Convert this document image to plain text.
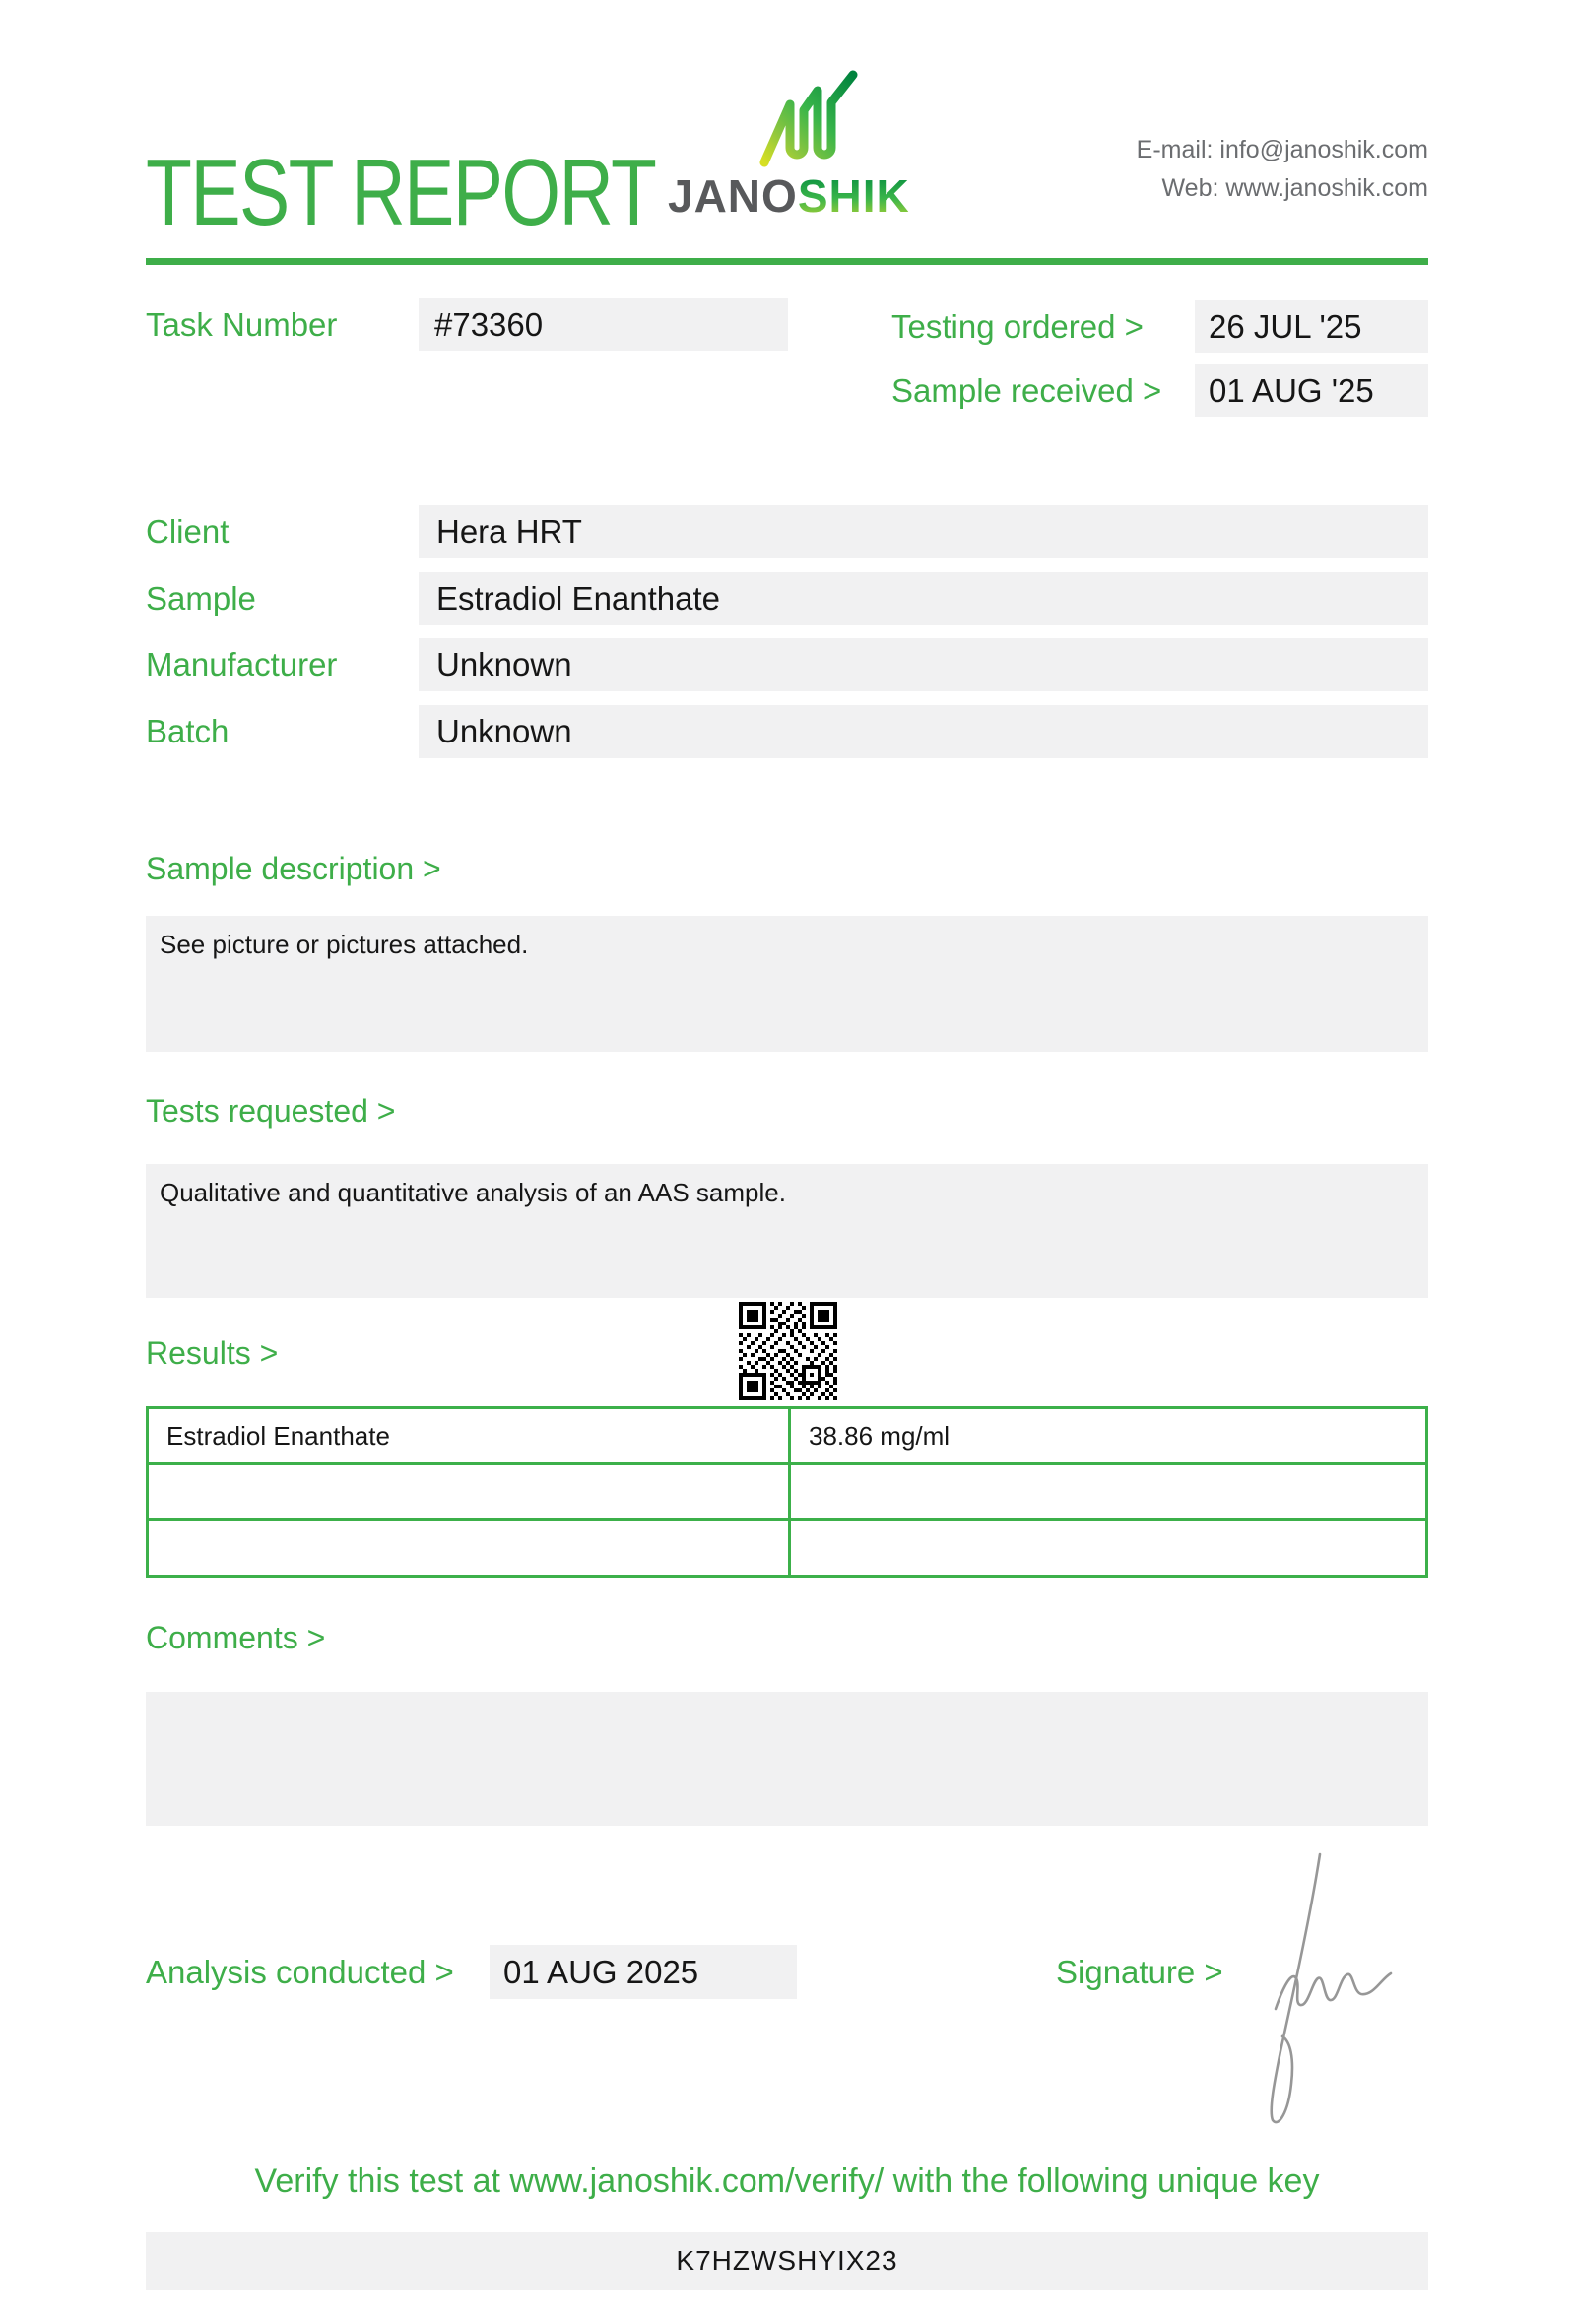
TEST REPORT JANOSHIK
E-mail: info@janoshik.com
Web: www.janoshik.com
Task Number	#73360	Testing ordered > 26 JUL '25
Sample received > 01 AUG '25
Client	Hera HRT
Sample	Estradiol Enanthate
Manufacturer	Unknown
Batch	Unknown
Sample description >
See picture or pictures attached.
Tests requested >
Qualitative and quantitative analysis of an AAS sample.
Results >
Estradiol Enanthate	38.86 mg/ml
Comments >
Analysis conducted > 01 AUG 2025	Signature >
Verify this test at www.janoshik.com/verify/ with the following unique key
K7HZWSHYIX23
